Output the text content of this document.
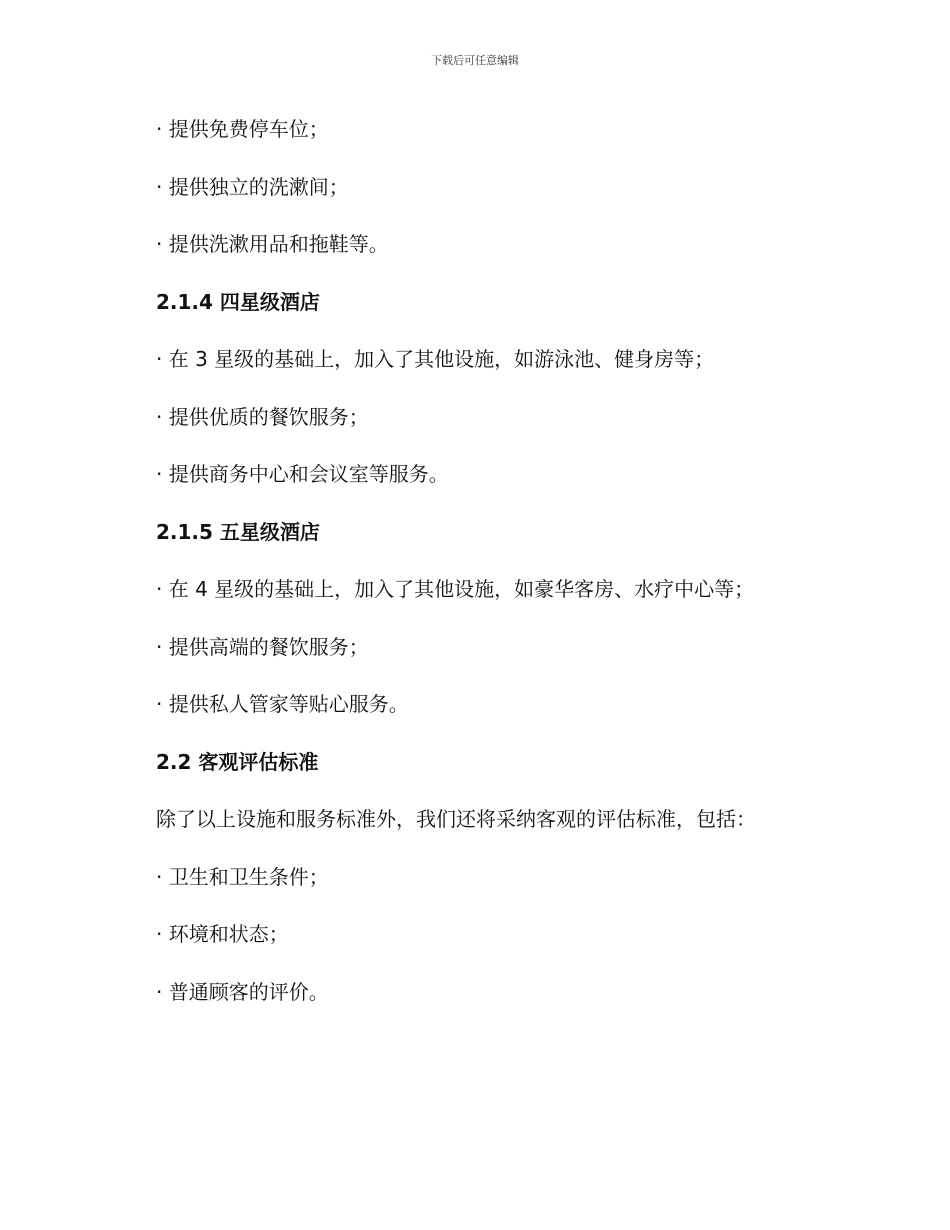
下载后可任意编辑
· 提供免费停车位；
· 提供独立的洗漱间；
· 提供洗漱用品和拖鞋等。
2.1.4 四星级酒店
· 在 3 星级的基础上，加入了其他设施，如游泳池、健身房等；
· 提供优质的餐饮服务；
· 提供商务中心和会议室等服务。
2.1.5 五星级酒店
· 在 4 星级的基础上，加入了其他设施，如豪华客房、水疗中心等；
· 提供高端的餐饮服务；
· 提供私人管家等贴心服务。
2.2 客观评估标准
除了以上设施和服务标准外，我们还将采纳客观的评估标准，包括：
· 卫生和卫生条件；
· 环境和状态；
· 普通顾客的评价。
